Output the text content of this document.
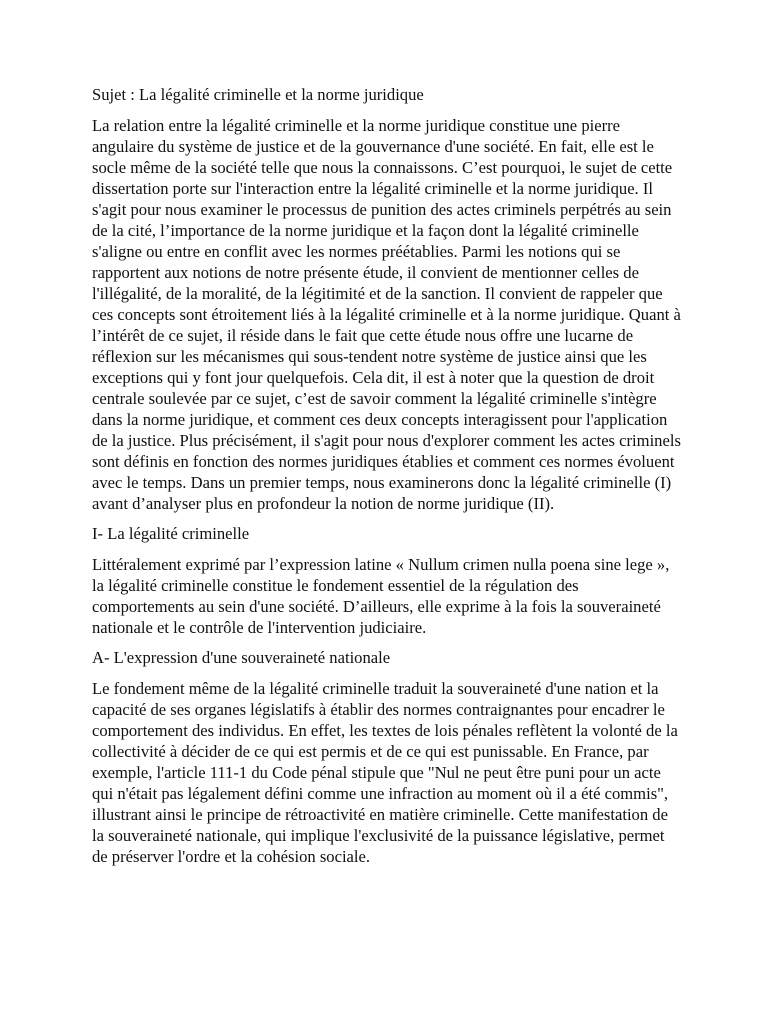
Sujet : La légalité criminelle et la norme juridique

La relation entre la légalité criminelle et la norme juridique constitue une pierre angulaire du système de justice et de la gouvernance d'une société. En fait, elle est le socle même de la société telle que nous la connaissons. C’est pourquoi, le sujet de cette dissertation porte sur l'interaction entre la légalité criminelle et la norme juridique. Il s'agit pour nous examiner le processus de punition des actes criminels perpétrés au sein de la cité, l’importance de la norme juridique et la façon dont la légalité criminelle s'aligne ou entre en conflit avec les normes préétablies. Parmi les notions qui se rapportent aux notions de notre présente étude, il convient de mentionner celles de l'illégalité, de la moralité, de la légitimité et de la sanction. Il convient de rappeler que ces concepts sont étroitement liés à la légalité criminelle et à la norme juridique. Quant à l’intérêt de ce sujet, il réside dans le fait que cette étude nous offre une lucarne de réflexion sur les mécanismes qui sous-tendent notre système de justice ainsi que les exceptions qui y font jour quelquefois. Cela dit, il est à noter que la question de droit centrale soulevée par ce sujet, c’est de savoir comment la légalité criminelle s'intègre dans la norme juridique, et comment ces deux concepts interagissent pour l'application de la justice. Plus précisément, il s'agit pour nous d'explorer comment les actes criminels sont définis en fonction des normes juridiques établies et comment ces normes évoluent avec le temps. Dans un premier temps, nous examinerons donc la légalité criminelle (I) avant d’analyser plus en profondeur la notion de norme juridique (II).

I- La légalité criminelle

Littéralement exprimé par l’expression latine « Nullum crimen nulla poena sine lege », la légalité criminelle constitue le fondement essentiel de la régulation des comportements au sein d'une société. D’ailleurs, elle exprime à la fois la souveraineté nationale et le contrôle de l'intervention judiciaire.

A- L'expression d'une souveraineté nationale

Le fondement même de la légalité criminelle traduit la souveraineté d'une nation et la capacité de ses organes législatifs à établir des normes contraignantes pour encadrer le comportement des individus. En effet, les textes de lois pénales reflètent la volonté de la collectivité à décider de ce qui est permis et de ce qui est punissable. En France, par exemple, l'article 111-1 du Code pénal stipule que "Nul ne peut être puni pour un acte qui n'était pas légalement défini comme une infraction au moment où il a été commis", illustrant ainsi le principe de rétroactivité en matière criminelle. Cette manifestation de la souveraineté nationale, qui implique l'exclusivité de la puissance législative, permet de préserver l'ordre et la cohésion sociale.
